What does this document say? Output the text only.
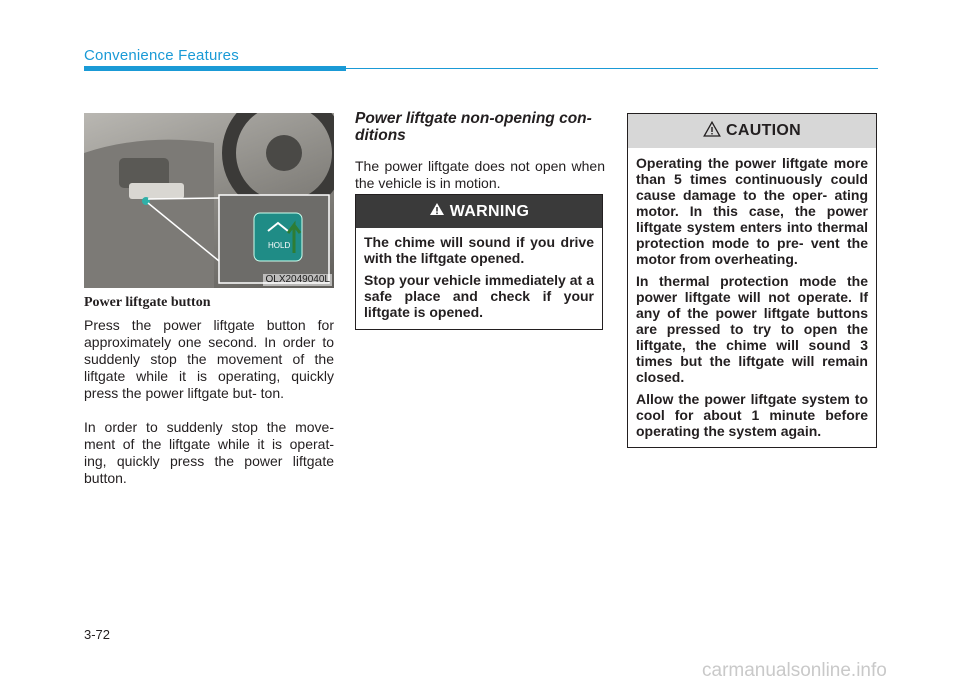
Convenience Features
HOLD
OLX2049040L
Power liftgate button

Press the power liftgate button for approximately one second. In order to suddenly stop the movement of the liftgate while it is operating, quickly press the power liftgate but- ton.

In order to suddenly stop the move- ment of the liftgate while it is operat- ing, quickly press the power liftgate button.

Power liftgate non-opening con- ditions

The power liftgate does not open when the vehicle is in motion.

WARNING

The chime will sound if you drive with the liftgate opened.

Stop your vehicle immediately at a safe place and check if your liftgate is opened.

CAUTION

Operating the power liftgate more than 5 times continuously could cause damage to the oper- ating motor. In this case, the power liftgate system enters into thermal protection mode to pre- vent the motor from overheating.

In thermal protection mode the power liftgate will not operate. If any of the power liftgate buttons are pressed to try to open the liftgate, the chime will sound 3 times but the liftgate will remain closed.

Allow the power liftgate system to cool for about 1 minute before operating the system again.

3-72
carmanualsonline.info
